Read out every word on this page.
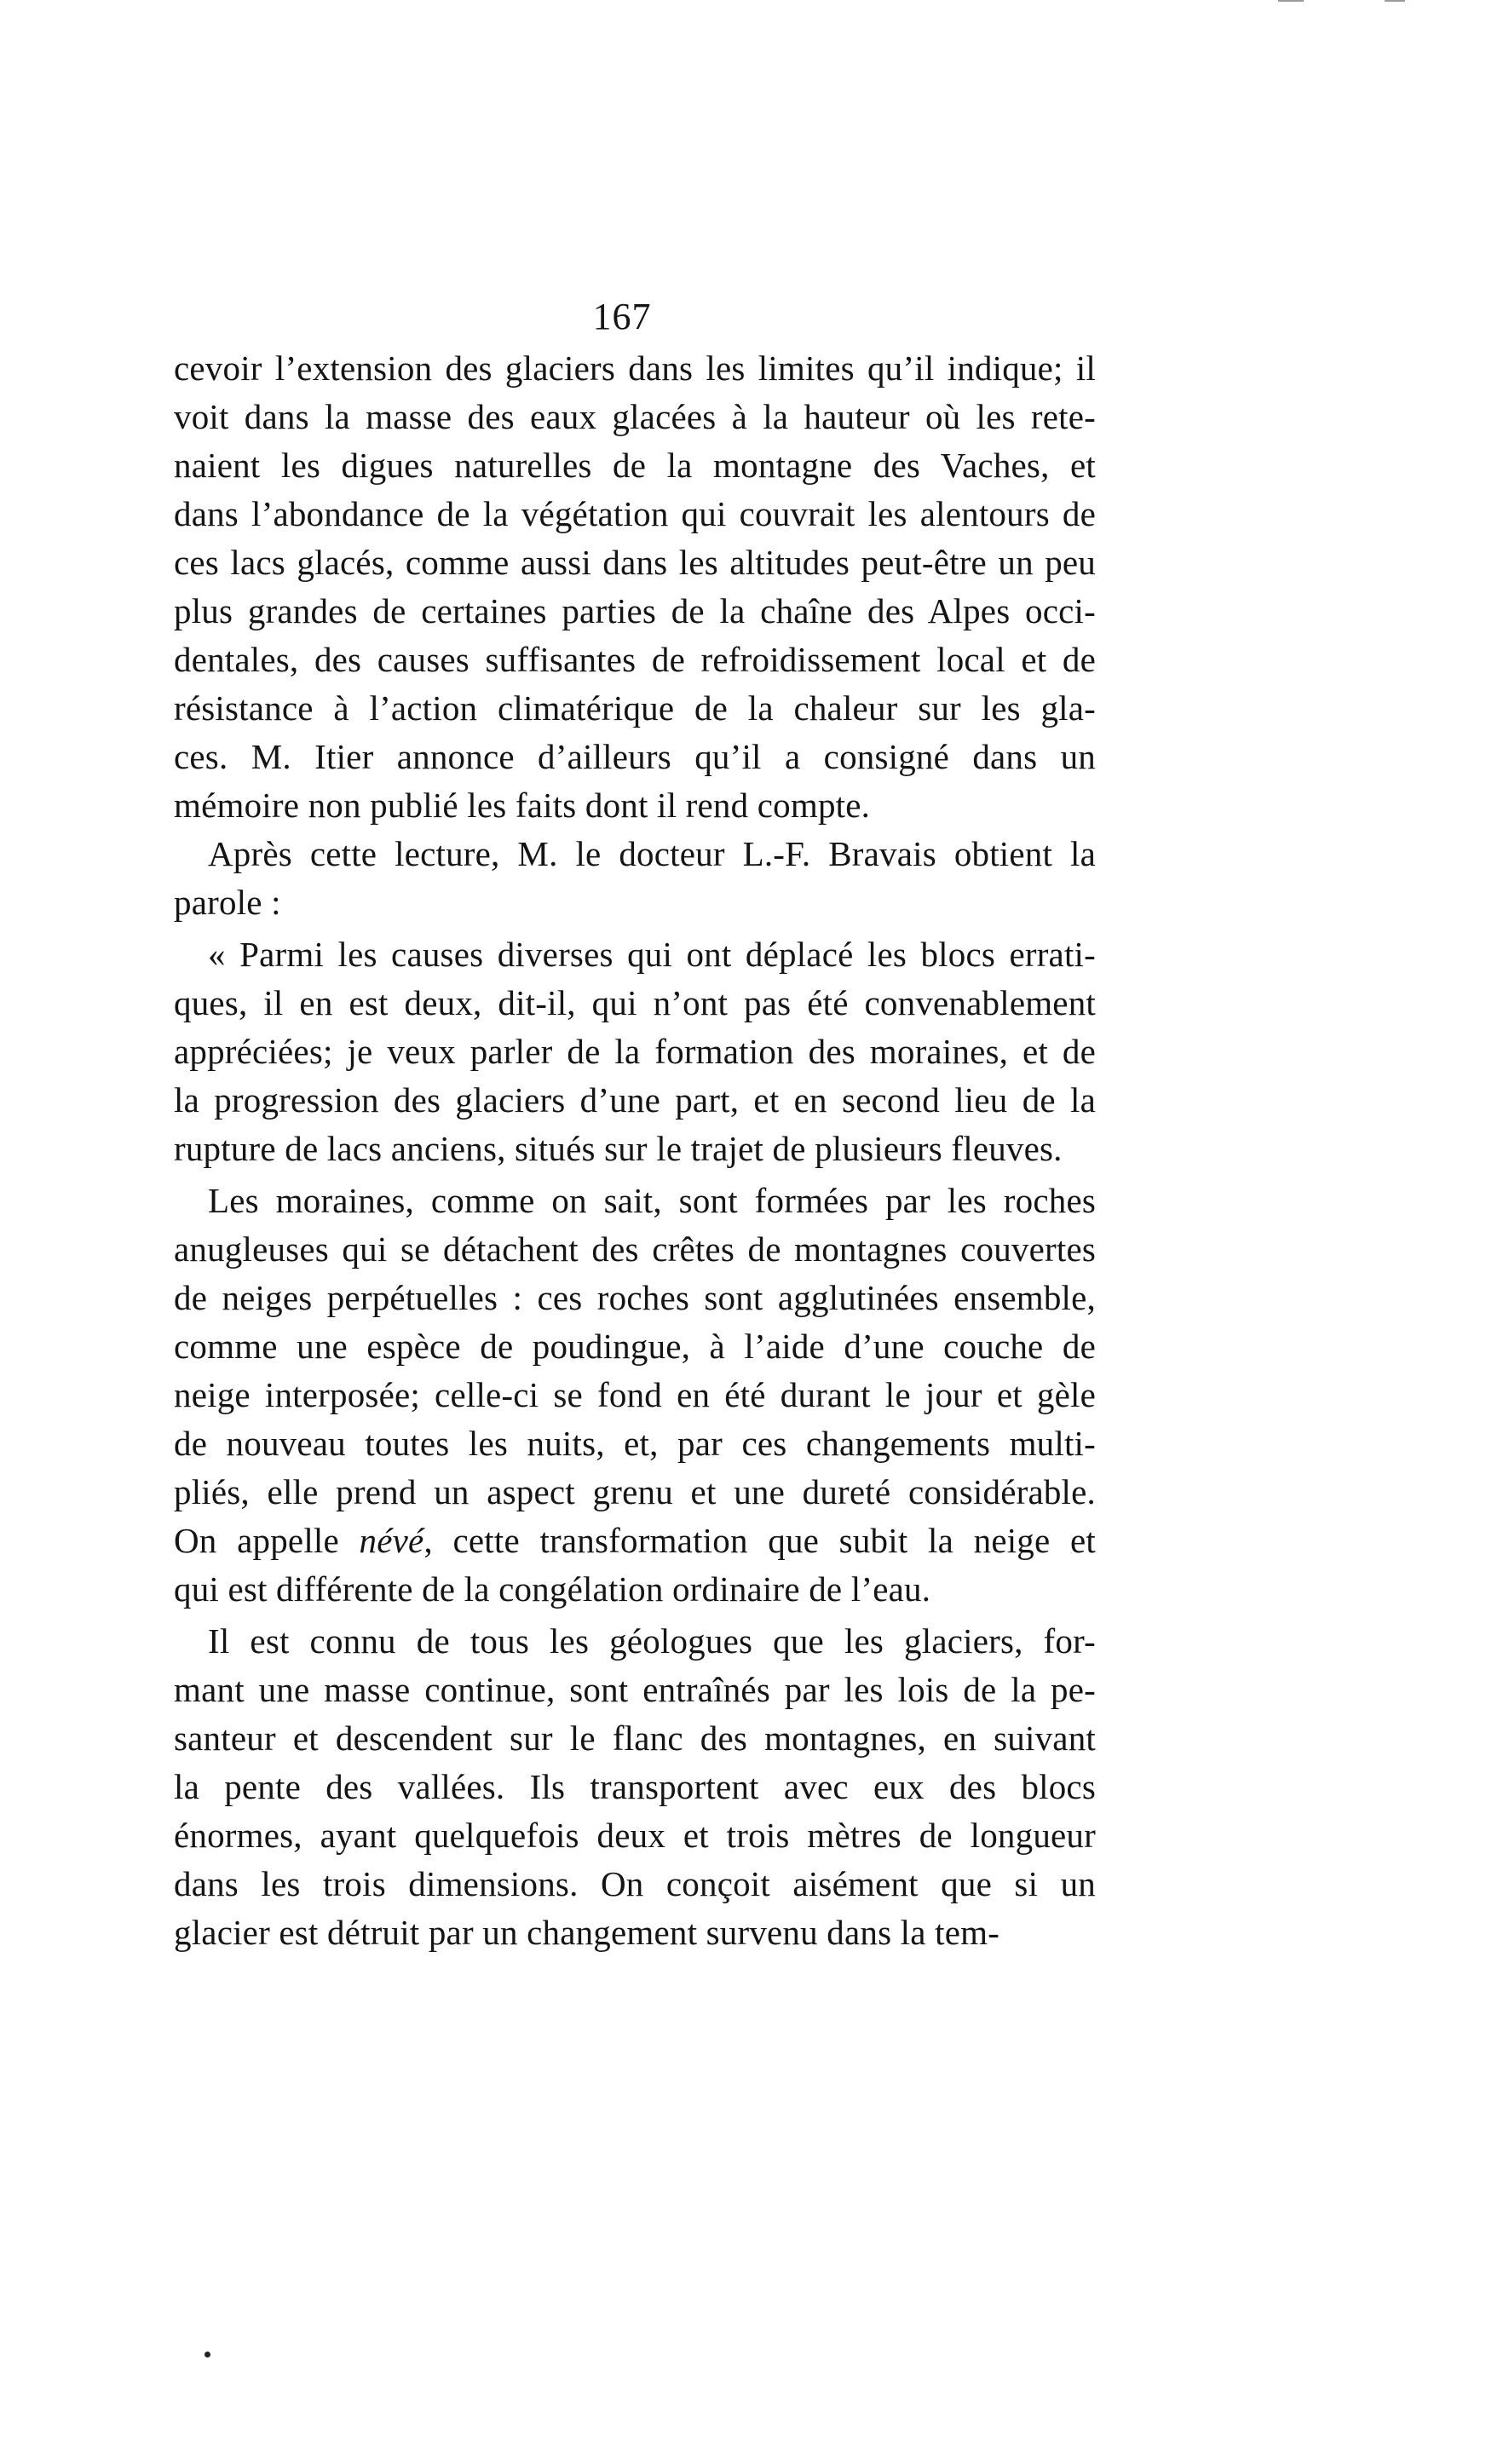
167
cevoir l’extension des glaciers dans les limites qu’il indique; il
voit dans la masse des eaux glacées à la hauteur où les rete-
naient les digues naturelles de la montagne des Vaches, et
dans l’abondance de la végétation qui couvrait les alentours de
ces lacs glacés, comme aussi dans les altitudes peut-être un peu
plus grandes de certaines parties de la chaîne des Alpes occi-
dentales, des causes suffisantes de refroidissement local et de
résistance à l’action climatérique de la chaleur sur les gla-
ces. M. Itier annonce d’ailleurs qu’il a consigné dans un
mémoire non publié les faits dont il rend compte.
Après cette lecture, M. le docteur L.-F. Bravais obtient la
parole :
« Parmi les causes diverses qui ont déplacé les blocs errati-
ques, il en est deux, dit-il, qui n’ont pas été convenablement
appréciées; je veux parler de la formation des moraines, et de
la progression des glaciers d’une part, et en second lieu de la
rupture de lacs anciens, situés sur le trajet de plusieurs fleuves.
Les moraines, comme on sait, sont formées par les roches
anugleuses qui se détachent des crêtes de montagnes couvertes
de neiges perpétuelles : ces roches sont agglutinées ensemble,
comme une espèce de poudingue, à l’aide d’une couche de
neige interposée; celle-ci se fond en été durant le jour et gèle
de nouveau toutes les nuits, et, par ces changements multi-
pliés, elle prend un aspect grenu et une dureté considérable.
On appelle névé, cette transformation que subit la neige et
qui est différente de la congélation ordinaire de l’eau.
Il est connu de tous les géologues que les glaciers, for-
mant une masse continue, sont entraînés par les lois de la pe-
santeur et descendent sur le flanc des montagnes, en suivant
la pente des vallées. Ils transportent avec eux des blocs
énormes, ayant quelquefois deux et trois mètres de longueur
dans les trois dimensions. On conçoit aisément que si un
glacier est détruit par un changement survenu dans la tem-
